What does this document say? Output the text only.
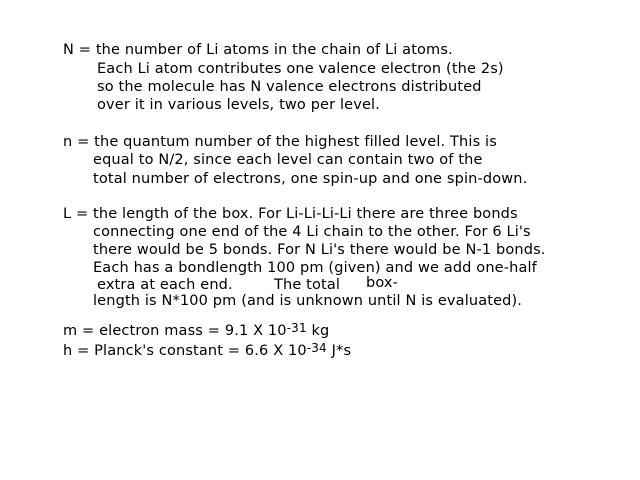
N = the number of Li atoms in the chain of Li atoms.
Each Li atom contributes one valence electron (the 2s)
so the molecule has N valence electrons distributed
over it in various levels, two per level.
n = the quantum number of the highest filled level. This is
equal to N/2, since each level can contain two of the
total number of electrons, one spin-up and one spin-down.
L = the length of the box. For Li-Li-Li-Li there are three bonds
connecting one end of the 4 Li chain to the other. For 6 Li's
there would be 5 bonds. For N Li's there would be N-1 bonds.
Each has a bondlength 100 pm (given) and we add one-half
extra at each end.	The total box-
length is N*100 pm (and is unknown until N is evaluated).
m = electron mass = 9.1 X $10^{-31}$ kg
h = Planck's constant = 6.6 X $10^{-34}$ J*s
